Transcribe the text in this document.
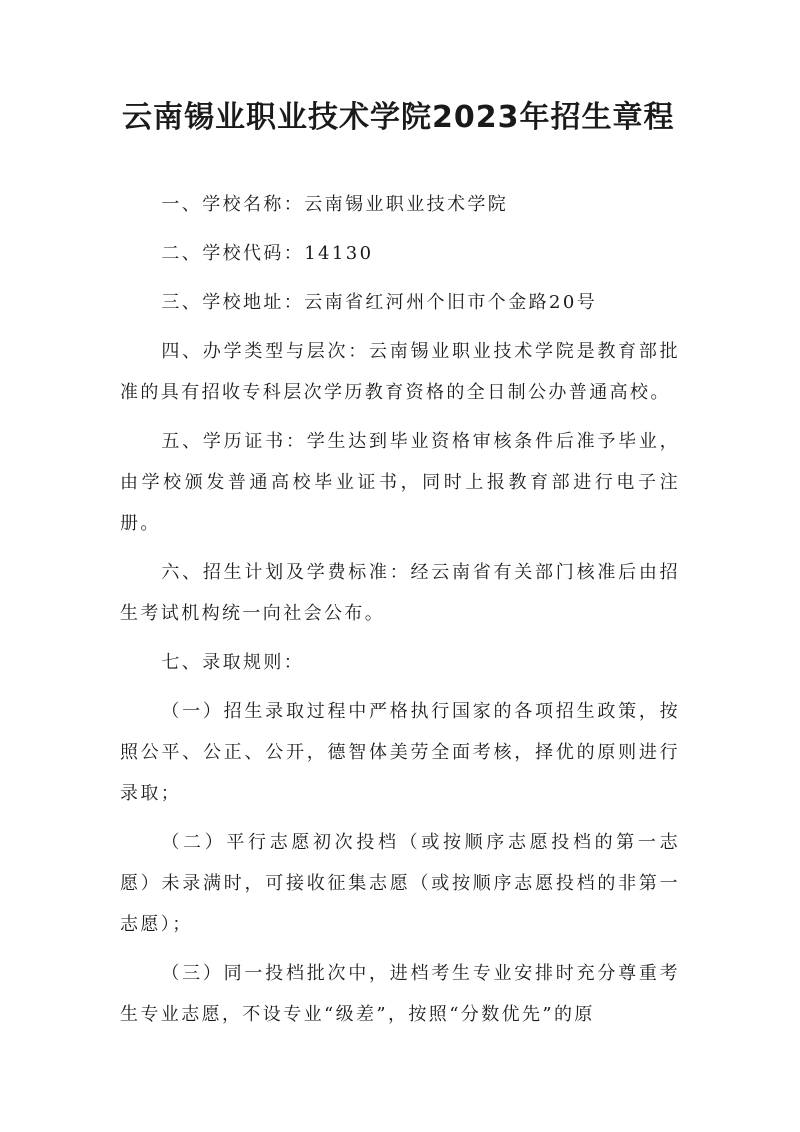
云南锡业职业技术学院2023年招生章程

一、学校名称：云南锡业职业技术学院

二、学校代码：14130

三、学校地址：云南省红河州个旧市个金路20号

四、办学类型与层次：云南锡业职业技术学院是教育部批准的具有招收专科层次学历教育资格的全日制公办普通高校。

五、学历证书：学生达到毕业资格审核条件后准予毕业，由学校颁发普通高校毕业证书，同时上报教育部进行电子注册。

六、招生计划及学费标准：经云南省有关部门核准后由招生考试机构统一向社会公布。

七、录取规则：

（一）招生录取过程中严格执行国家的各项招生政策，按照公平、公正、公开，德智体美劳全面考核，择优的原则进行录取；

（二）平行志愿初次投档（或按顺序志愿投档的第一志愿）未录满时，可接收征集志愿（或按顺序志愿投档的非第一志愿）；

（三）同一投档批次中，进档考生专业安排时充分尊重考生专业志愿，不设专业“级差”，按照“分数优先”的原
